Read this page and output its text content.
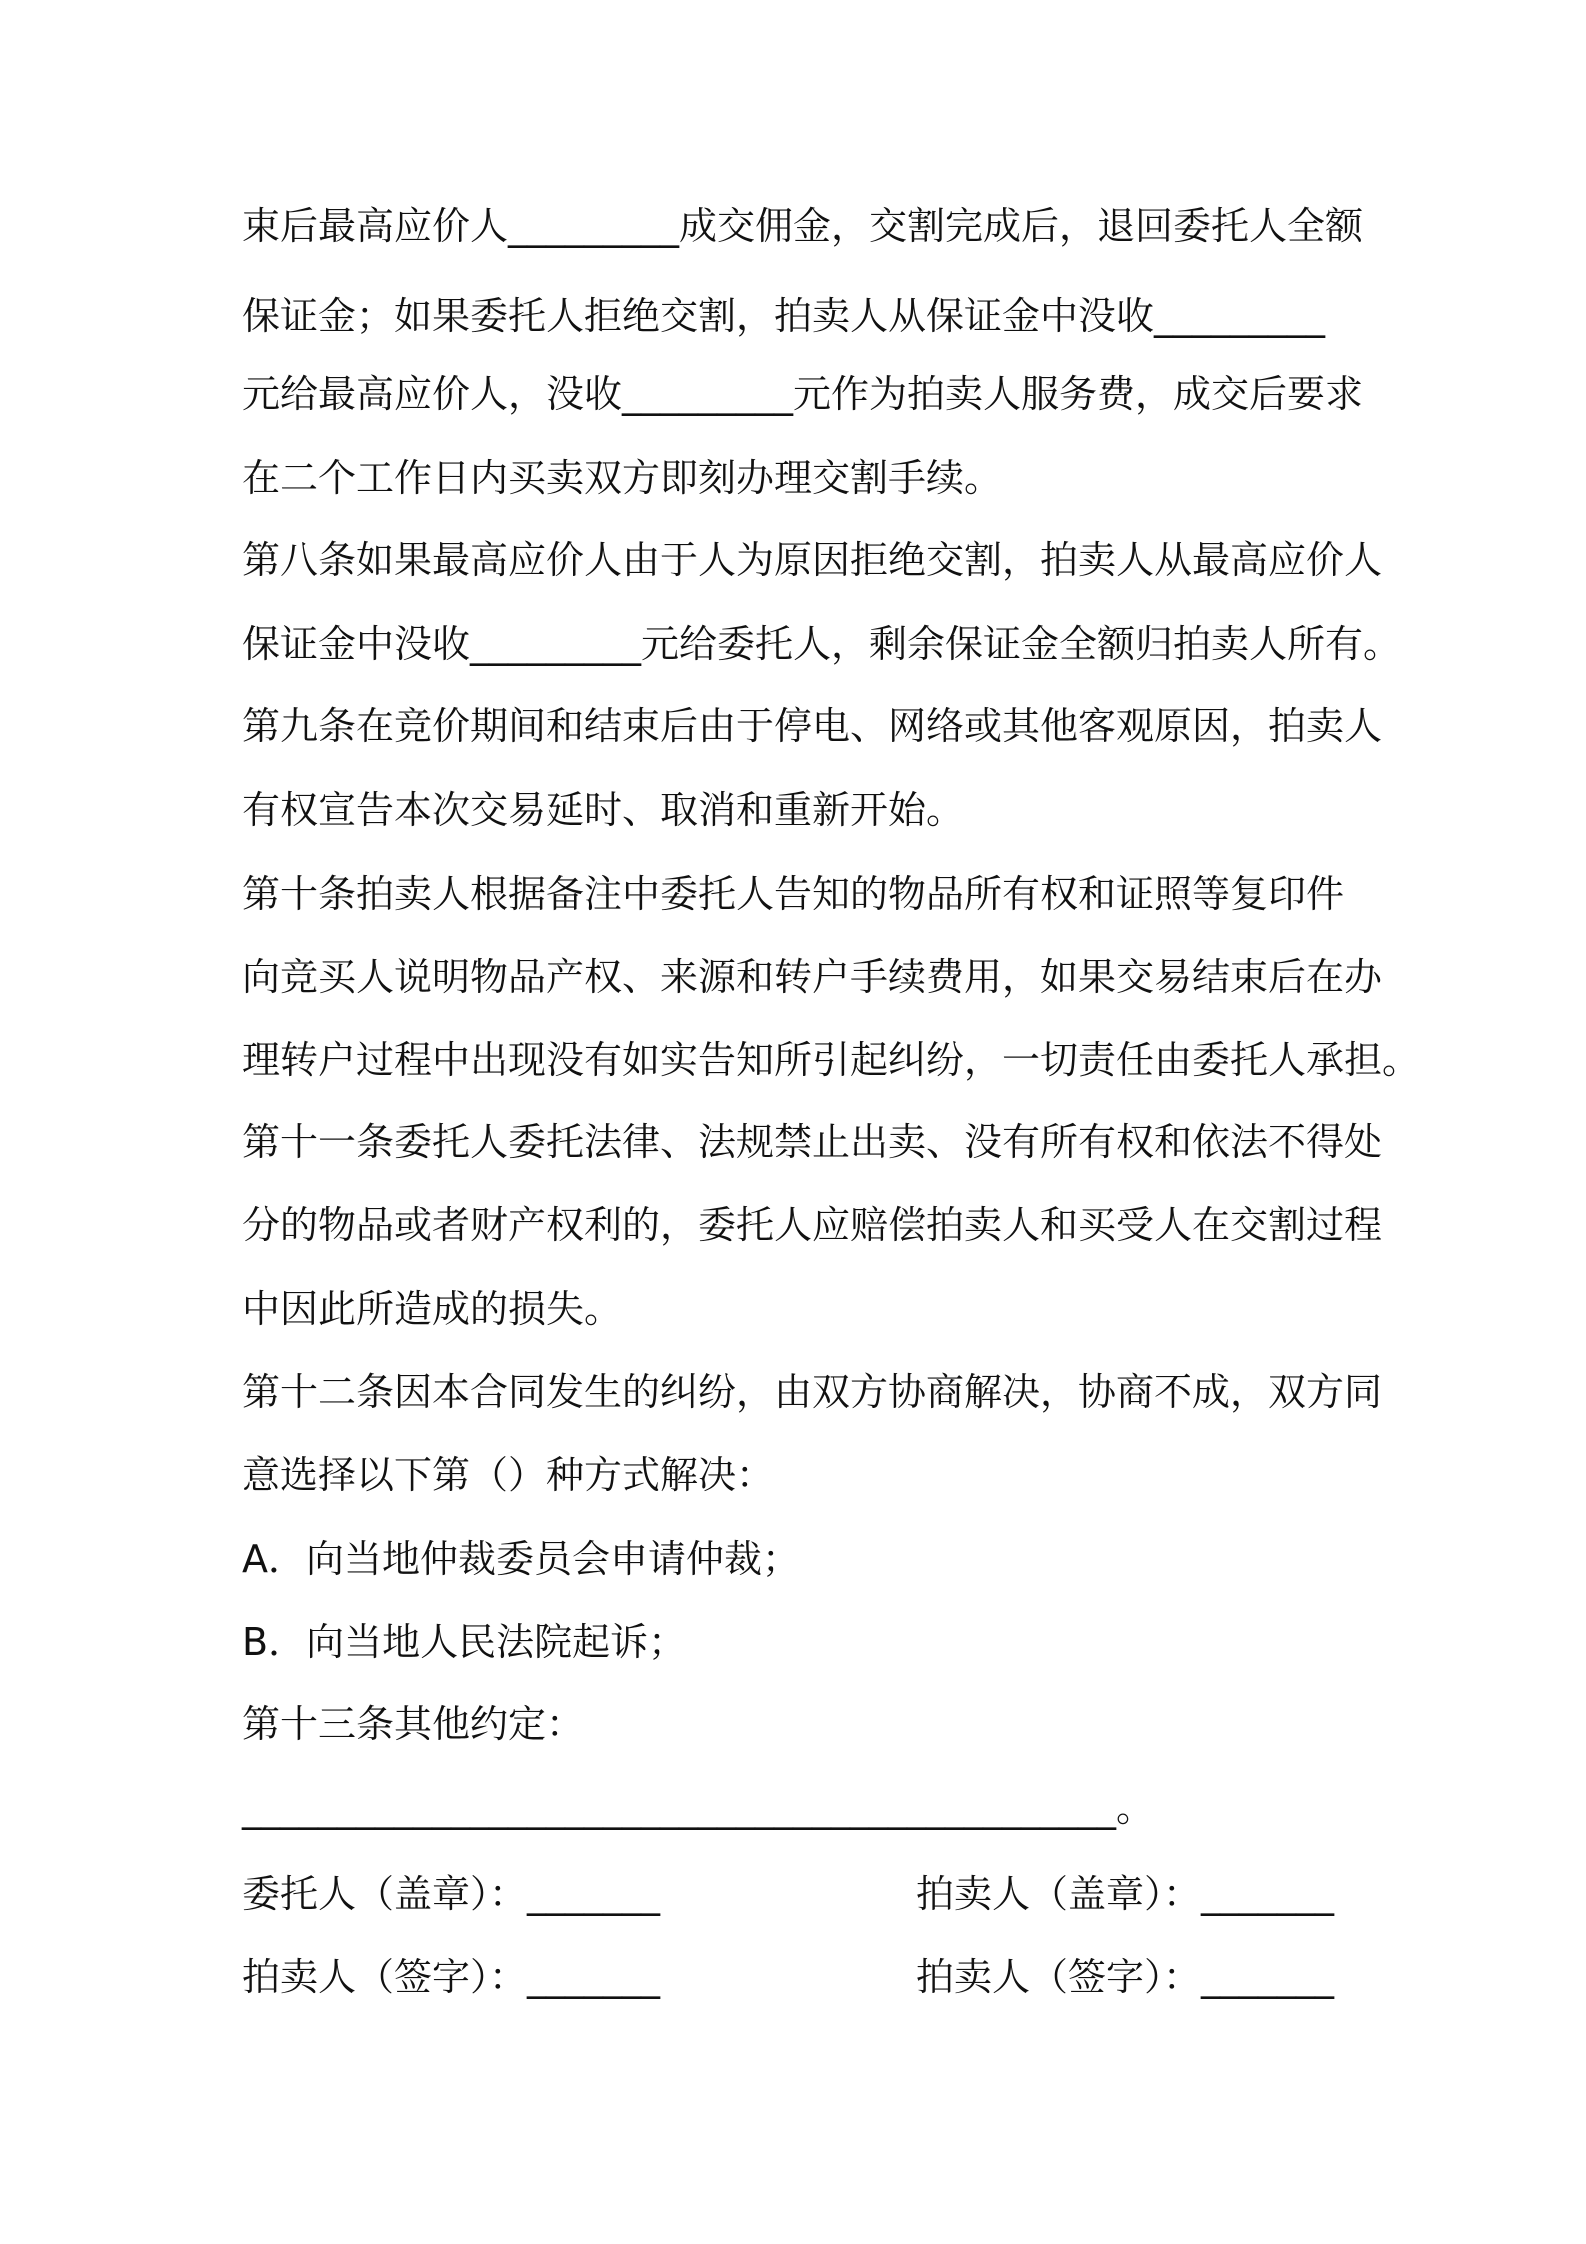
束后最高应价人_________成交佣金，交割完成后，退回委托人全额
保证金；如果委托人拒绝交割，拍卖人从保证金中没收_________
元给最高应价人，没收_________元作为拍卖人服务费，成交后要求
在二个工作日内买卖双方即刻办理交割手续。
第八条如果最高应价人由于人为原因拒绝交割，拍卖人从最高应价人
保证金中没收_________元给委托人，剩余保证金全额归拍卖人所有。
第九条在竞价期间和结束后由于停电、网络或其他客观原因，拍卖人
有权宣告本次交易延时、取消和重新开始。
第十条拍卖人根据备注中委托人告知的物品所有权和证照等复印件
向竞买人说明物品产权、来源和转户手续费用，如果交易结束后在办
理转户过程中出现没有如实告知所引起纠纷，一切责任由委托人承担。
第十一条委托人委托法律、法规禁止出卖、没有所有权和依法不得处
分的物品或者财产权利的，委托人应赔偿拍卖人和买受人在交割过程
中因此所造成的损失。
第十二条因本合同发生的纠纷，由双方协商解决，协商不成，双方同
意选择以下第（）种方式解决：
A．向当地仲裁委员会申请仲裁；
B．向当地人民法院起诉；
第十三条其他约定：
______________________________________________。
委托人（盖章）：_______	拍卖人（盖章）：_______
拍卖人（签字）：_______	拍卖人（签字）：_______
